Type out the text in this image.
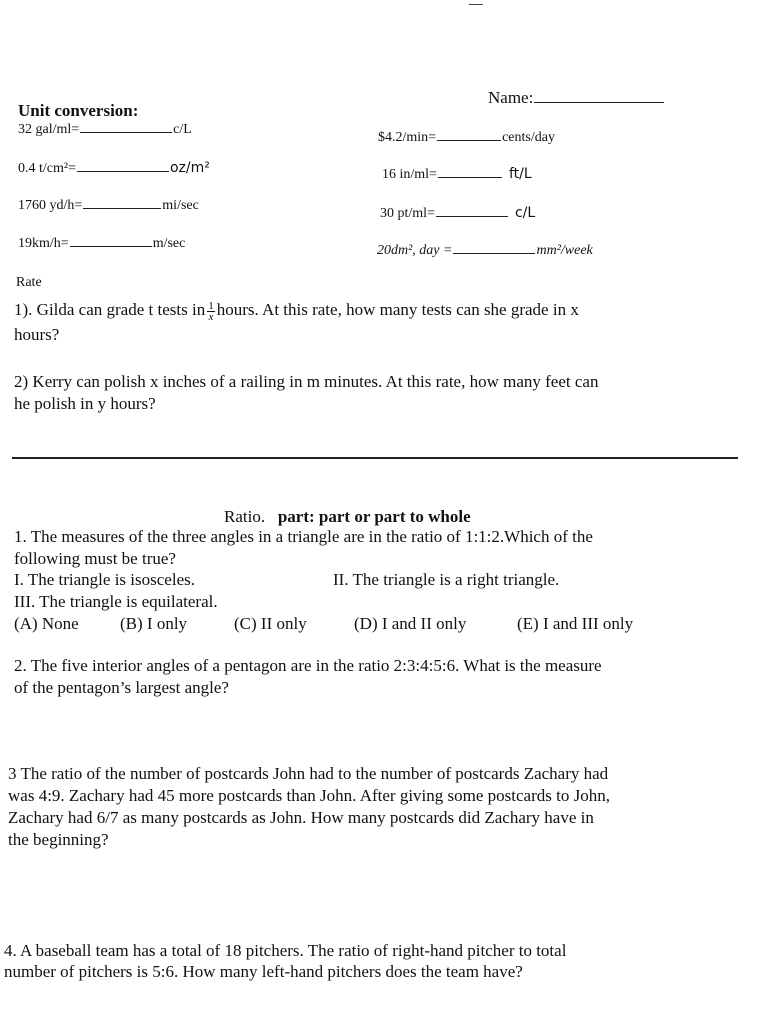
Name:
Unit conversion:
32 gal/ml=	c/L
0.4 t/cm²=	oz/m²
1760 yd/h=	mi/sec
19km/h=	m/sec
$4.2/min=	cents/day
16 in/ml=	ft/L
30 pt/ml=	c/L
20dm², day =	mm²/week
Rate
1). Gilda can grade t tests in $\frac{1}{x}$ hours. At this rate, how many tests can she grade in x
hours?
2) Kerry can polish x inches of a railing in m minutes. At this rate, how many feet can
he polish in y hours?
Ratio. part: part or part to whole
1. The measures of the three angles in a triangle are in the ratio of 1:1:2.Which of the
following must be true?
I. The triangle is isosceles.	II. The triangle is a right triangle.
III. The triangle is equilateral.
(A) None (B) I only	(C) II only	(D) I and II only	(E) I and III only
2. The five interior angles of a pentagon are in the ratio 2:3:4:5:6. What is the measure
of the pentagon’s largest angle?
3 The ratio of the number of postcards John had to the number of postcards Zachary had
was 4:9. Zachary had 45 more postcards than John. After giving some postcards to John,
Zachary had 6/7 as many postcards as John. How many postcards did Zachary have in
the beginning?
4. A baseball team has a total of 18 pitchers. The ratio of right-hand pitcher to total
number of pitchers is 5:6. How many left-hand pitchers does the team have?
